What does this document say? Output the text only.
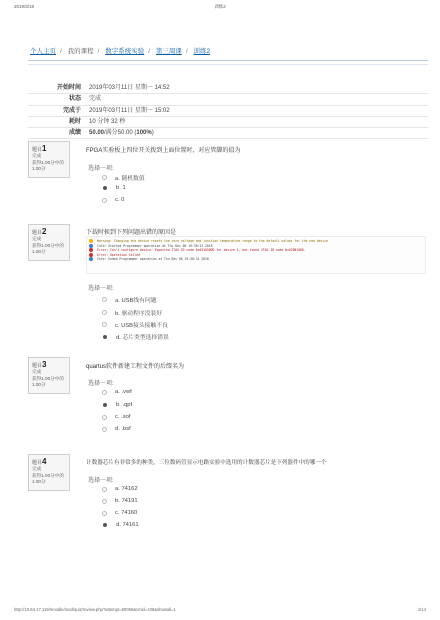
2019/3/18	训练2
个人主页 / 我的课程 / 数字系统实验 / 第三周课 / 训练2
开始时间	2019年03月11日 星期一 14:52
状态	完成
完成于	2019年03月11日 星期一 15:02
耗时	10 分钟 32 秒
成绩	50.00/满分50.00 (100%)
题目1
完成
获得1.00分中的
1.00分
FPGA实验板上四位开关拨到上面位置时，对应管脚的值为
选择一项:
a. 随机数值
b. 1
c. 0
题目2
完成
获得1.00分中的
1.00分
下载时候到下列问题出错的原因是
Warning: Changing the device resets the core voltage and junction temperature range to the default values for the new device
Info: Started Programmer operation at Thu Dec 06 19:30:31 2018
Error: Can't configure device. Expected JTAG ID code 0x031050DD for device 1, but found JTAG ID code 0x020B10DD.
Error: Operation failed
Info: Ended Programmer operation at Thu Dec 06 19:30:31 2018
选择一项:
a. USB线有问题
b. 驱动程序没装好
c. USB接头接触不良
d. 芯片类型选择错误
题目3
完成
获得1.00分中的
1.00分
quartus软件新建工程文件的后缀名为
选择一项:
a. .vwf
b. .qpf
c. .sof
d. .bsf
题目4
完成
获得1.00分中的
1.00分
计数器芯片有非常多的种类，三位数码管显示电路实验中选用的计数器芯片是下列器件中的哪一个
选择一项:
a. 74162
b. 74191
c. 74160
d. 74161
http://10.64.17.119/moodle/mod/quiz/review.php?attempt=50056&cmid=108&showall=1	1/14
